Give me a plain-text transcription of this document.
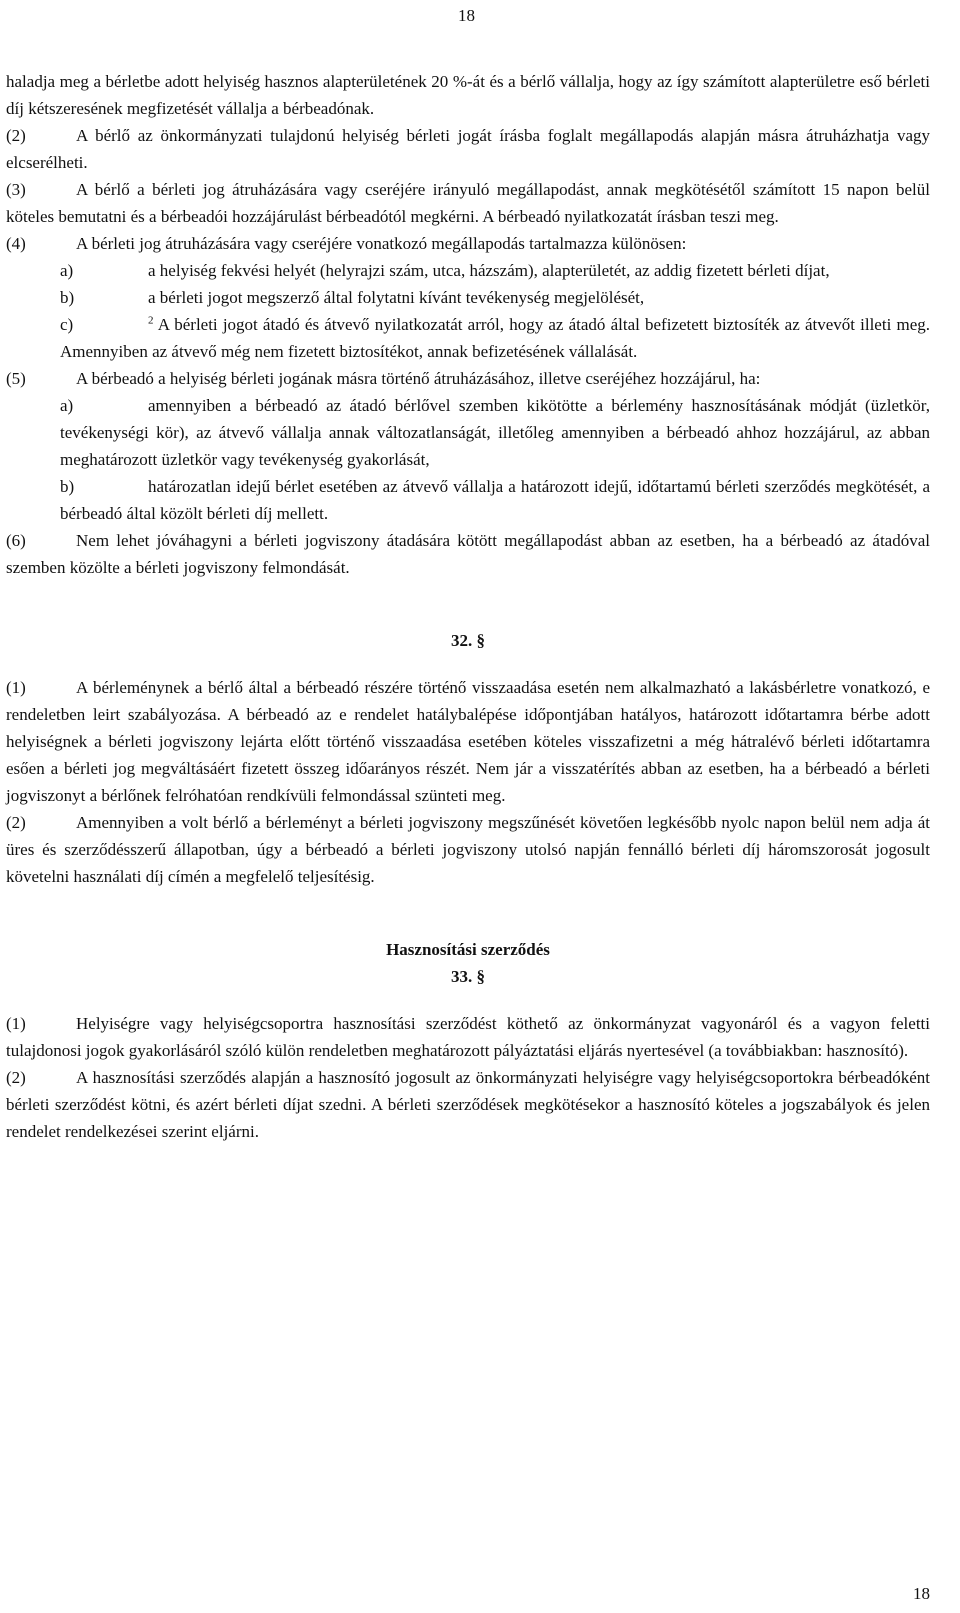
18

haladja meg a bérletbe adott helyiség hasznos alapterületének 20 %-át és a bérlő vállalja, hogy az így számított alapterületre eső bérleti díj kétszeresének megfizetését vállalja a bérbeadónak.

(2)	A bérlő az önkormányzati tulajdonú helyiség bérleti jogát írásba foglalt megállapodás alapján másra átruházhatja vagy elcserélheti.

(3)	A bérlő a bérleti jog átruházására vagy cseréjére irányuló megállapodást, annak megkötésétől számított 15 napon belül köteles bemutatni és a bérbeadói hozzájárulást bérbeadótól megkérni. A bérbeadó nyilatkozatát írásban teszi meg.

(4)	A bérleti jog átruházására vagy cseréjére vonatkozó megállapodás tartalmazza különösen:

a)	a helyiség fekvési helyét (helyrajzi szám, utca, házszám), alapterületét, az addig fizetett bérleti díjat,

b)	a bérleti jogot megszerző által folytatni kívánt tevékenység megjelölését,

c)	$^2$ A bérleti jogot átadó és átvevő nyilatkozatát arról, hogy az átadó által befizetett biztosíték az átvevőt illeti meg. Amennyiben az átvevő még nem fizetett biztosítékot, annak befizetésének vállalását.

(5)	A bérbeadó a helyiség bérleti jogának másra történő átruházásához, illetve cseréjéhez hozzájárul, ha:

a)	amennyiben a bérbeadó az átadó bérlővel szemben kikötötte a bérlemény hasznosításának módját (üzletkör, tevékenységi kör), az átvevő vállalja annak változatlanságát, illetőleg amennyiben a bérbeadó ahhoz hozzájárul, az abban meghatározott üzletkör vagy tevékenység gyakorlását,

b)	határozatlan idejű bérlet esetében az átvevő vállalja a határozott idejű, időtartamú bérleti szerződés megkötését, a bérbeadó által közölt bérleti díj mellett.

(6)	Nem lehet jóváhagyni a bérleti jogviszony átadására kötött megállapodást abban az esetben, ha a bérbeadó az átadóval szemben közölte a bérleti jogviszony felmondását.

32. §

(1)	A bérleménynek a bérlő által a bérbeadó részére történő visszaadása esetén nem alkalmazható a lakásbérletre vonatkozó, e rendeletben leirt szabályozása. A bérbeadó az e rendelet hatálybalépése időpontjában hatályos, határozott időtartamra bérbe adott helyiségnek a bérleti jogviszony lejárta előtt történő visszaadása esetében köteles visszafizetni a még hátralévő bérleti időtartamra esően a bérleti jog megváltásáért fizetett összeg időarányos részét. Nem jár a visszatérítés abban az esetben, ha a bérbeadó a bérleti jogviszonyt a bérlőnek felróhatóan rendkívüli felmondással szünteti meg.

(2)	Amennyiben a volt bérlő a bérleményt a bérleti jogviszony megszűnését követően legkésőbb nyolc napon belül nem adja át üres és szerződésszerű állapotban, úgy a bérbeadó a bérleti jogviszony utolsó napján fennálló bérleti díj háromszorosát jogosult követelni használati díj címén a megfelelő teljesítésig.

Hasznosítási szerződés

33. §

(1)	Helyiségre vagy helyiségcsoportra hasznosítási szerződést köthető az önkormányzat vagyonáról és a vagyon feletti tulajdonosi jogok gyakorlásáról szóló külön rendeletben meghatározott pályáztatási eljárás nyertesével (a továbbiakban: hasznosító).

(2)	A hasznosítási szerződés alapján a hasznosító jogosult az önkormányzati helyiségre vagy helyiségcsoportokra bérbeadóként bérleti szerződést kötni, és azért bérleti díjat szedni. A bérleti szerződések megkötésekor a hasznosító köteles a jogszabályok és jelen rendelet rendelkezései szerint eljárni.

18
